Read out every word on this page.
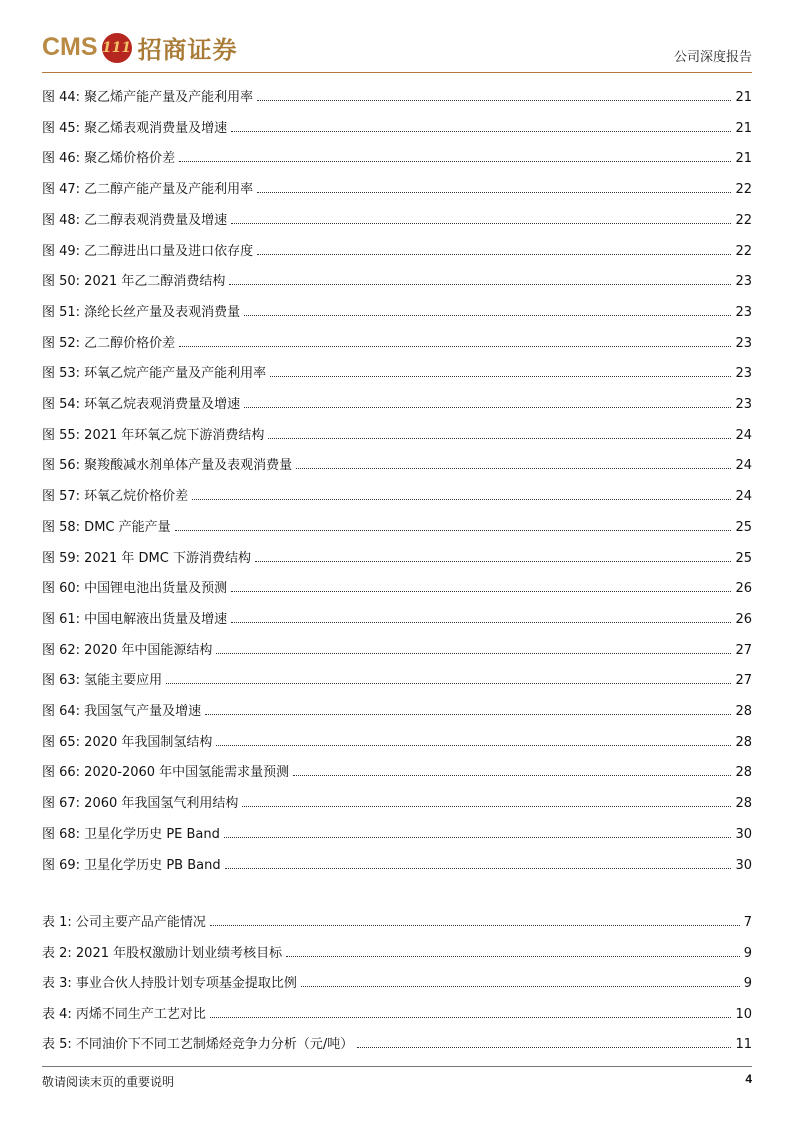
CMS 111 招商证券	公司深度报告
图 44: 聚乙烯产能产量及产能利用率	21
图 45: 聚乙烯表观消费量及增速	21
图 46: 聚乙烯价格价差	21
图 47: 乙二醇产能产量及产能利用率	22
图 48: 乙二醇表观消费量及增速	22
图 49: 乙二醇进出口量及进口依存度	22
图 50: 2021 年乙二醇消费结构	23
图 51: 涤纶长丝产量及表观消费量	23
图 52: 乙二醇价格价差	23
图 53: 环氧乙烷产能产量及产能利用率	23
图 54: 环氧乙烷表观消费量及增速	23
图 55: 2021 年环氧乙烷下游消费结构	24
图 56: 聚羧酸减水剂单体产量及表观消费量	24
图 57: 环氧乙烷价格价差	24
图 58: DMC 产能产量	25
图 59: 2021 年 DMC 下游消费结构	25
图 60: 中国锂电池出货量及预测	26
图 61: 中国电解液出货量及增速	26
图 62: 2020 年中国能源结构	27
图 63: 氢能主要应用	27
图 64: 我国氢气产量及增速	28
图 65: 2020 年我国制氢结构	28
图 66: 2020-2060 年中国氢能需求量预测	28
图 67: 2060 年我国氢气利用结构	28
图 68: 卫星化学历史 PE Band	30
图 69: 卫星化学历史 PB Band	30
表 1: 公司主要产品产能情况	7
表 2: 2021 年股权激励计划业绩考核目标	9
表 3: 事业合伙人持股计划专项基金提取比例	9
表 4: 丙烯不同生产工艺对比	10
表 5: 不同油价下不同工艺制烯烃竞争力分析（元/吨）	11
敬请阅读末页的重要说明	4
